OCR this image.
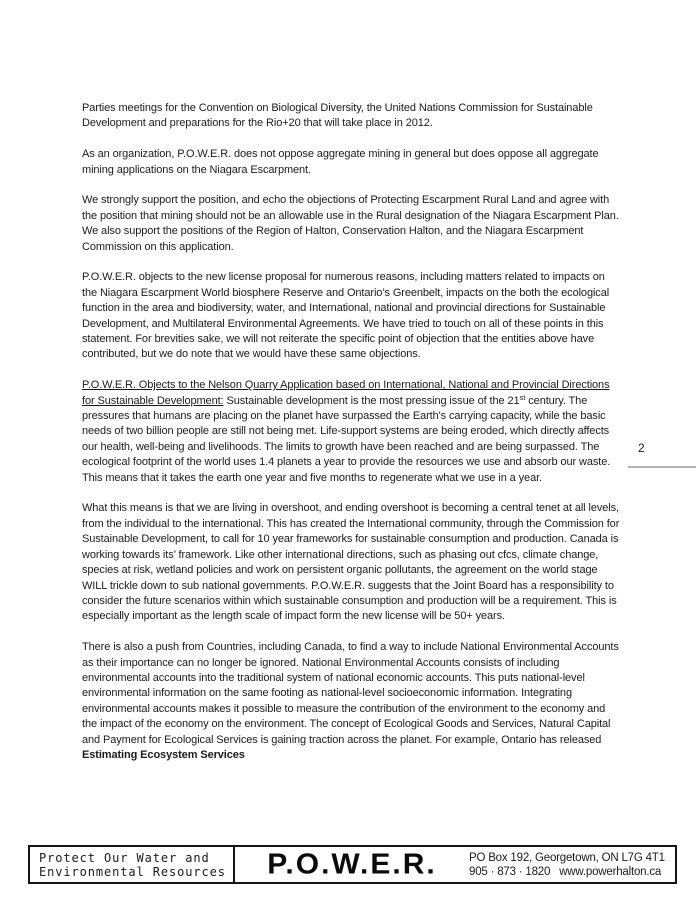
Parties meetings for the Convention on Biological Diversity, the United Nations Commission for Sustainable Development and preparations for the Rio+20 that will take place in 2012.
As an organization, P.O.W.E.R. does not oppose aggregate mining in general but does oppose all aggregate mining applications on the Niagara Escarpment.
We strongly support the position, and echo the objections of Protecting Escarpment Rural Land and agree with the position that mining should not be an allowable use in the Rural designation of the Niagara Escarpment Plan. We also support the positions of the Region of Halton, Conservation Halton, and the Niagara Escarpment Commission on this application.
P.O.W.E.R. objects to the new license proposal for numerous reasons, including matters related to impacts on the Niagara Escarpment World biosphere Reserve and Ontario’s Greenbelt, impacts on the both the ecological function in the area and biodiversity, water, and International, national and provincial directions for Sustainable Development, and Multilateral Environmental Agreements. We have tried to touch on all of these points in this statement. For brevities sake, we will not reiterate the specific point of objection that the entities above have contributed, but we do note that we would have these same objections.
P.O.W.E.R. Objects to the Nelson Quarry Application based on International, National and Provincial Directions for Sustainable Development: Sustainable development is the most pressing issue of the 21st century. The pressures that humans are placing on the planet have surpassed the Earth's carrying capacity, while the basic needs of two billion people are still not being met. Life-support systems are being eroded, which directly affects our health, well-being and livelihoods. The limits to growth have been reached and are being surpassed. The ecological footprint of the world uses 1.4 planets a year to provide the resources we use and absorb our waste. This means that it takes the earth one year and five months to regenerate what we use in a year.
What this means is that we are living in overshoot, and ending overshoot is becoming a central tenet at all levels, from the individual to the international. This has created the International community, through the Commission for Sustainable Development, to call for 10 year frameworks for sustainable consumption and production. Canada is working towards its’ framework. Like other international directions, such as phasing out cfcs, climate change, species at risk, wetland policies and work on persistent organic pollutants, the agreement on the world stage WILL trickle down to sub national governments. P.O.W.E.R. suggests that the Joint Board has a responsibility to consider the future scenarios within which sustainable consumption and production will be a requirement. This is especially important as the length scale of impact form the new license will be 50+ years.
There is also a push from Countries, including Canada, to find a way to include National Environmental Accounts as their importance can no longer be ignored. National Environmental Accounts consists of including environmental accounts into the traditional system of national economic accounts. This puts national-level environmental information on the same footing as national-level socioeconomic information. Integrating environmental accounts makes it possible to measure the contribution of the environment to the economy and the impact of the economy on the environment. The concept of Ecological Goods and Services, Natural Capital and Payment for Ecological Services is gaining traction across the planet. For example, Ontario has released Estimating Ecosystem Services
2
Protect Our Water and
Environmental Resources P.O.W.E.R.	PO Box 192, Georgetown, ON L7G 4T1
905 · 873 · 1820 www.powerhalton.ca
